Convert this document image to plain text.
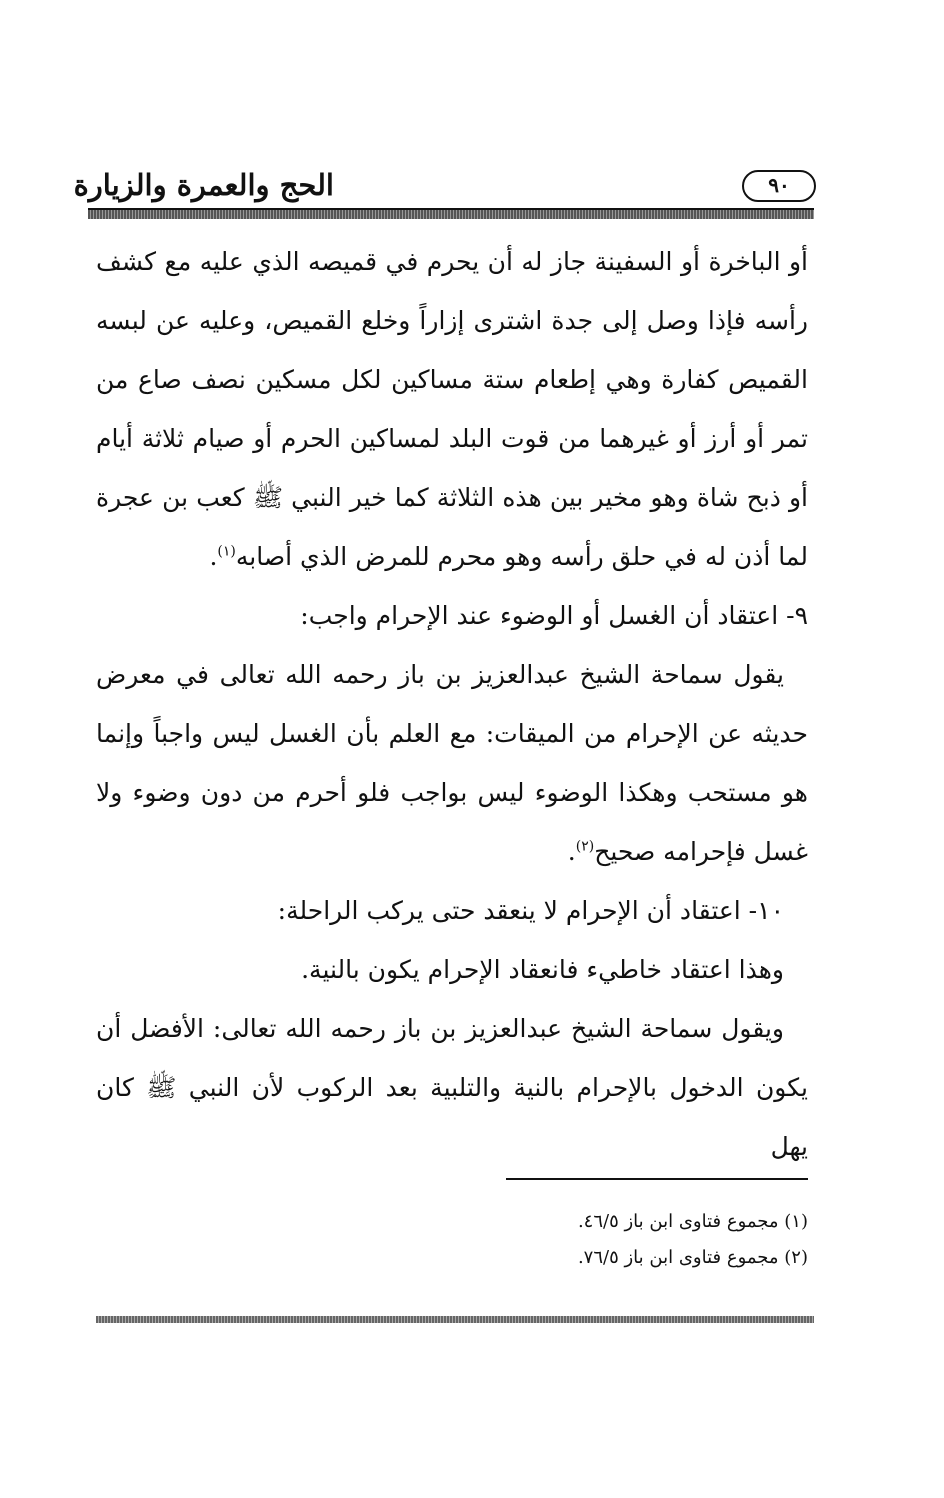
الحج والعمرة والزيارة	٩٠

أو الباخرة أو السفينة جاز له أن يحرم في قميصه الذي عليه مع كشف رأسه فإذا وصل إلى جدة اشترى إزاراً وخلع القميص، وعليه عن لبسه القميص كفارة وهي إطعام ستة مساكين لكل مسكين نصف صاع من تمر أو أرز أو غيرهما من قوت البلد لمساكين الحرم أو صيام ثلاثة أيام أو ذبح شاة وهو مخير بين هذه الثلاثة كما خير النبي ﷺ كعب بن عجرة لما أذن له في حلق رأسه وهو محرم للمرض الذي أصابه$^{(١)}$.

٩- اعتقاد أن الغسل أو الوضوء عند الإحرام واجب:

يقول سماحة الشيخ عبدالعزيز بن باز رحمه الله تعالى في معرض حديثه عن الإحرام من الميقات: مع العلم بأن الغسل ليس واجباً وإنما هو مستحب وهكذا الوضوء ليس بواجب فلو أحرم من دون وضوء ولا غسل فإحرامه صحيح$^{(٢)}$.

١٠- اعتقاد أن الإحرام لا ينعقد حتى يركب الراحلة:

وهذا اعتقاد خاطيء فانعقاد الإحرام يكون بالنية.

ويقول سماحة الشيخ عبدالعزيز بن باز رحمه الله تعالى: الأفضل أن يكون الدخول بالإحرام بالنية والتلبية بعد الركوب لأن النبي ﷺ كان يهل

(١) مجموع فتاوى ابن باز ٤٦/٥.
(٢) مجموع فتاوى ابن باز ٧٦/٥.
